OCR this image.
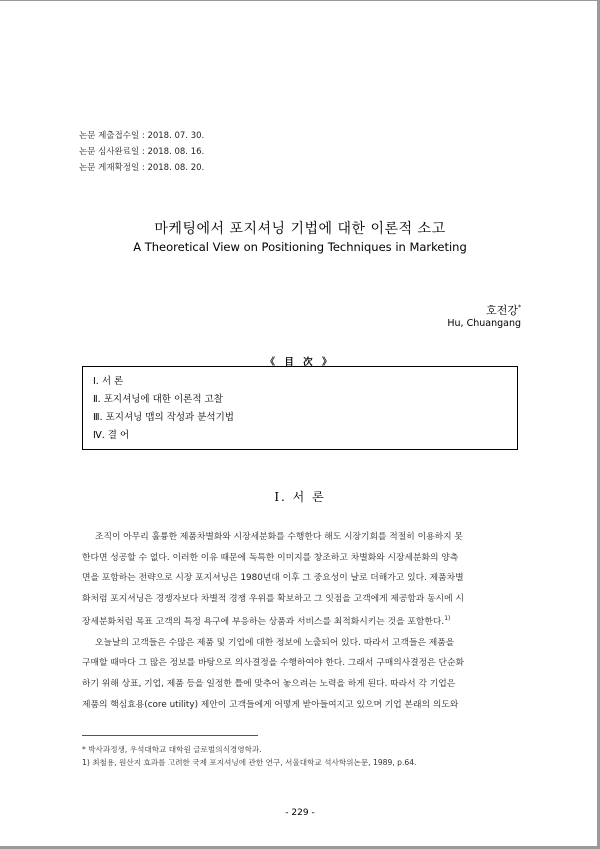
논문 제출접수일 : 2018. 07. 30.
논문 심사완료일 : 2018. 08. 16.
논문 게재확정일 : 2018. 08. 20.
마케팅에서 포지셔닝 기법에 대한 이론적 소고
A Theoretical View on Positioning Techniques in Marketing
호전강*
Hu, Chuangang
《 目 次 》
Ⅰ. 서 론
Ⅱ. 포지셔닝에 대한 이론적 고찰
Ⅲ. 포지셔닝 맵의 작성과 분석기법
Ⅳ. 결 어
Ⅰ. 서 론
조직이 아무리 훌륭한 제품차별화와 시장세분화를 수행한다 해도 시장기회를 적절히 이용하지 못
한다면 성공할 수 없다. 이러한 이유 때문에 독특한 이미지를 창조하고 차별화와 시장세분화의 양측
면을 포함하는 전략으로 시장 포지셔닝은 1980년대 이후 그 중요성이 날로 더해가고 있다. 제품차별
화처럼 포지셔닝은 경쟁자보다 차별적 경쟁 우위를 확보하고 그 잇점을 고객에게 제공함과 동시에 시
장세분화처럼 목표 고객의 특정 욕구에 부응하는 상품과 서비스를 최적화시키는 것을 포함한다.$^{1)}$
오늘날의 고객들은 수많은 제품 및 기업에 대한 정보에 노출되어 있다. 따라서 고객들은 제품을
구매할 때마다 그 많은 정보를 바탕으로 의사결정을 수행하여야 한다. 그래서 구매의사결정은 단순화
하기 위해 상표, 기업, 제품 등을 일정한 틀에 맞추어 놓으려는 노력을 하게 된다. 따라서 각 기업은
제품의 핵심효용(core utility) 제안이 고객들에게 어떻게 받아들여지고 있으며 기업 본래의 의도와
* 박사과정생, 우석대학교 대학원 글로벌의식경영학과.
1) 최철용, 원산지 효과를 고려한 국제 포지셔닝에 관한 연구, 서울대학교 석사학위논문, 1989, p.64.
- 229 -
